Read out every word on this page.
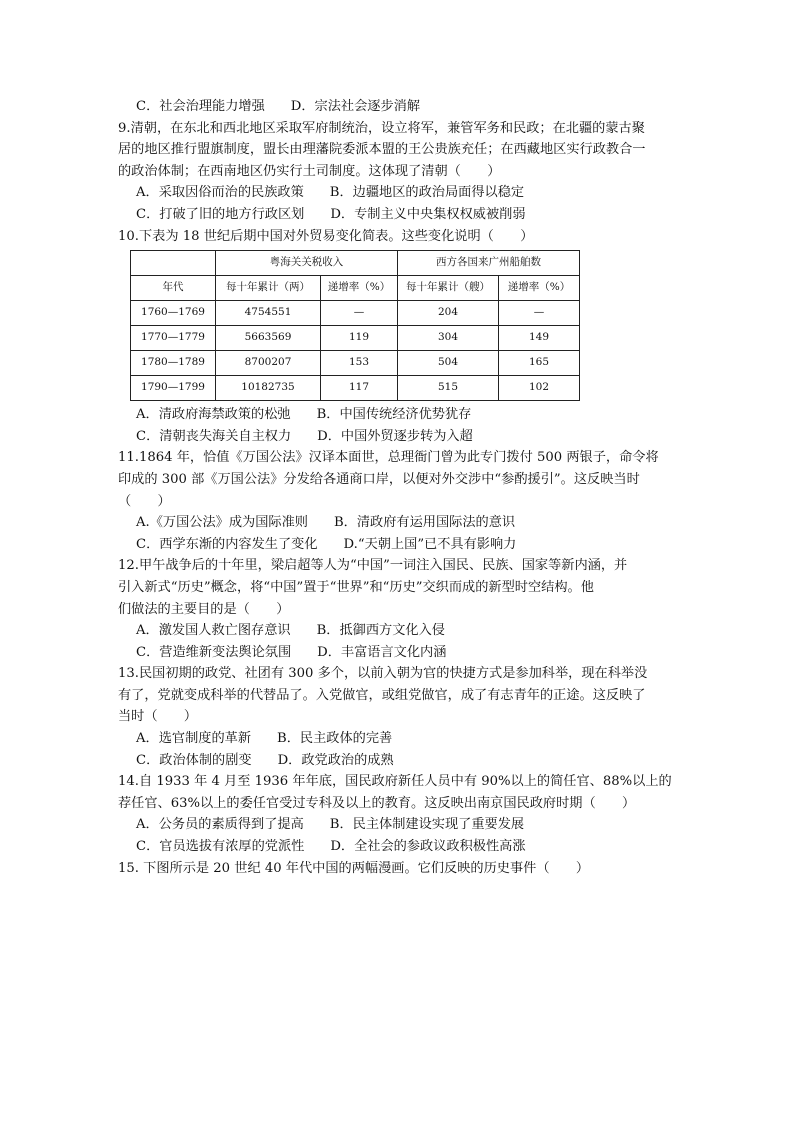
C．社会治理能力增强 D．宗法社会逐步消解
9.清朝，在东北和西北地区采取军府制统治，设立将军，兼管军务和民政；在北疆的蒙古聚
居的地区推行盟旗制度，盟长由理藩院委派本盟的王公贵族充任；在西藏地区实行政教合一
的政治体制；在西南地区仍实行土司制度。这体现了清朝（　　）
A．采取因俗而治的民族政策 B．边疆地区的政治局面得以稳定
C．打破了旧的地方行政区划 D．专制主义中央集权权威被削弱
10.下表为 18 世纪后期中国对外贸易变化简表。这些变化说明（　　）
	粤海关关税收入		西方各国来广州船舶数	
年代	每十年累计（两）	递增率（%）	每十年累计（艘）	递增率（%）
1760—1769	4754551	—	204	—
1770—1779	5663569	119	304	149
1780—1789	8700207	153	504	165
1790—1799	10182735	117	515	102
A．清政府海禁政策的松弛 B．中国传统经济优势犹存
C．清朝丧失海关自主权力 D．中国外贸逐步转为入超
11.1864 年，恰值《万国公法》汉译本面世，总理衙门曾为此专门拨付 500 两银子，命令将
印成的 300 部《万国公法》分发给各通商口岸，以便对外交涉中“参酌援引”。这反映当时
（　　）
A.《万国公法》成为国际准则 B．清政府有运用国际法的意识
C．西学东渐的内容发生了变化 D.“天朝上国”已不具有影响力
12.甲午战争后的十年里，梁启超等人为“中国”一词注入国民、民族、国家等新内涵，并
引入新式“历史”概念，将“中国”置于“世界”和“历史”交织而成的新型时空结构。他
们做法的主要目的是（　　）
A．激发国人救亡图存意识 B．抵御西方文化入侵
C．营造维新变法舆论氛围 D．丰富语言文化内涵
13.民国初期的政党、社团有 300 多个，以前入朝为官的快捷方式是参加科举，现在科举没
有了，党就变成科举的代替品了。入党做官，或组党做官，成了有志青年的正途。这反映了
当时（　　）
A．选官制度的革新 B．民主政体的完善
C．政治体制的剧变 D．政党政治的成熟
14.自 1933 年 4 月至 1936 年年底，国民政府新任人员中有 90%以上的简任官、88%以上的
荐任官、63%以上的委任官受过专科及以上的教育。这反映出南京国民政府时期（　　）
A．公务员的素质得到了提高 B．民主体制建设实现了重要发展
C．官员选拔有浓厚的党派性 D．全社会的参政议政积极性高涨
15. 下图所示是 20 世纪 40 年代中国的两幅漫画。它们反映的历史事件（　　）
